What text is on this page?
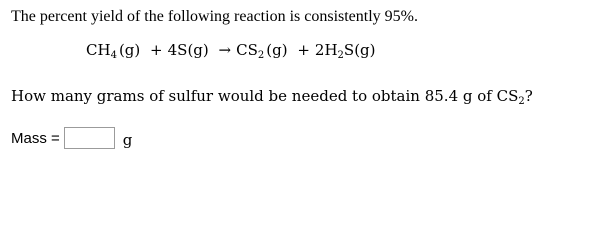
The percent yield of the following reaction is consistently 95%.
$CH_4$ $(g) + 4S(g) \to CS_2$ $(g) + 2H_2S(g)$
How many grams of sulfur would be needed to obtain 85.4 g of $CS_2$?
Mass =	g
